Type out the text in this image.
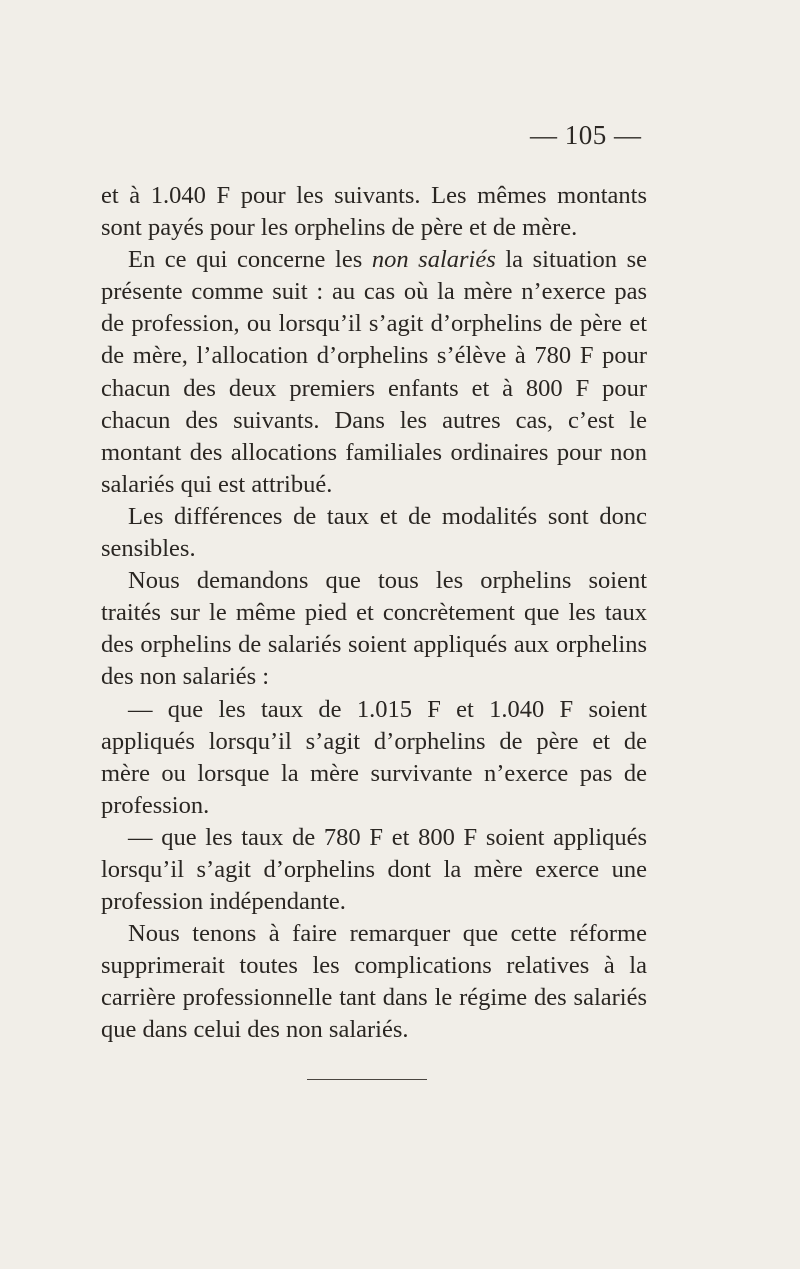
— 105 —

et à 1.040 F pour les suivants. Les mêmes montants sont payés pour les orphelins de père et de mère.

En ce qui concerne les non salariés la situation se présente comme suit : au cas où la mère n’exerce pas de profession, ou lorsqu’il s’agit d’orphelins de père et de mère, l’allocation d’orphelins s’élève à 780 F pour chacun des deux premiers enfants et à 800 F pour chacun des suivants. Dans les autres cas, c’est le montant des allocations familiales ordinaires pour non salariés qui est attribué.

Les différences de taux et de modalités sont donc sensibles.

Nous demandons que tous les orphelins soient traités sur le même pied et concrètement que les taux des orphelins de salariés soient appliqués aux orphelins des non salariés :

— que les taux de 1.015 F et 1.040 F soient appliqués lorsqu’il s’agit d’orphelins de père et de mère ou lorsque la mère survivante n’exerce pas de profession.

— que les taux de 780 F et 800 F soient appliqués lorsqu’il s’agit d’orphelins dont la mère exerce une profession indépendante.

Nous tenons à faire remarquer que cette réforme supprimerait toutes les complications relatives à la carrière professionnelle tant dans le régime des salariés que dans celui des non salariés.
